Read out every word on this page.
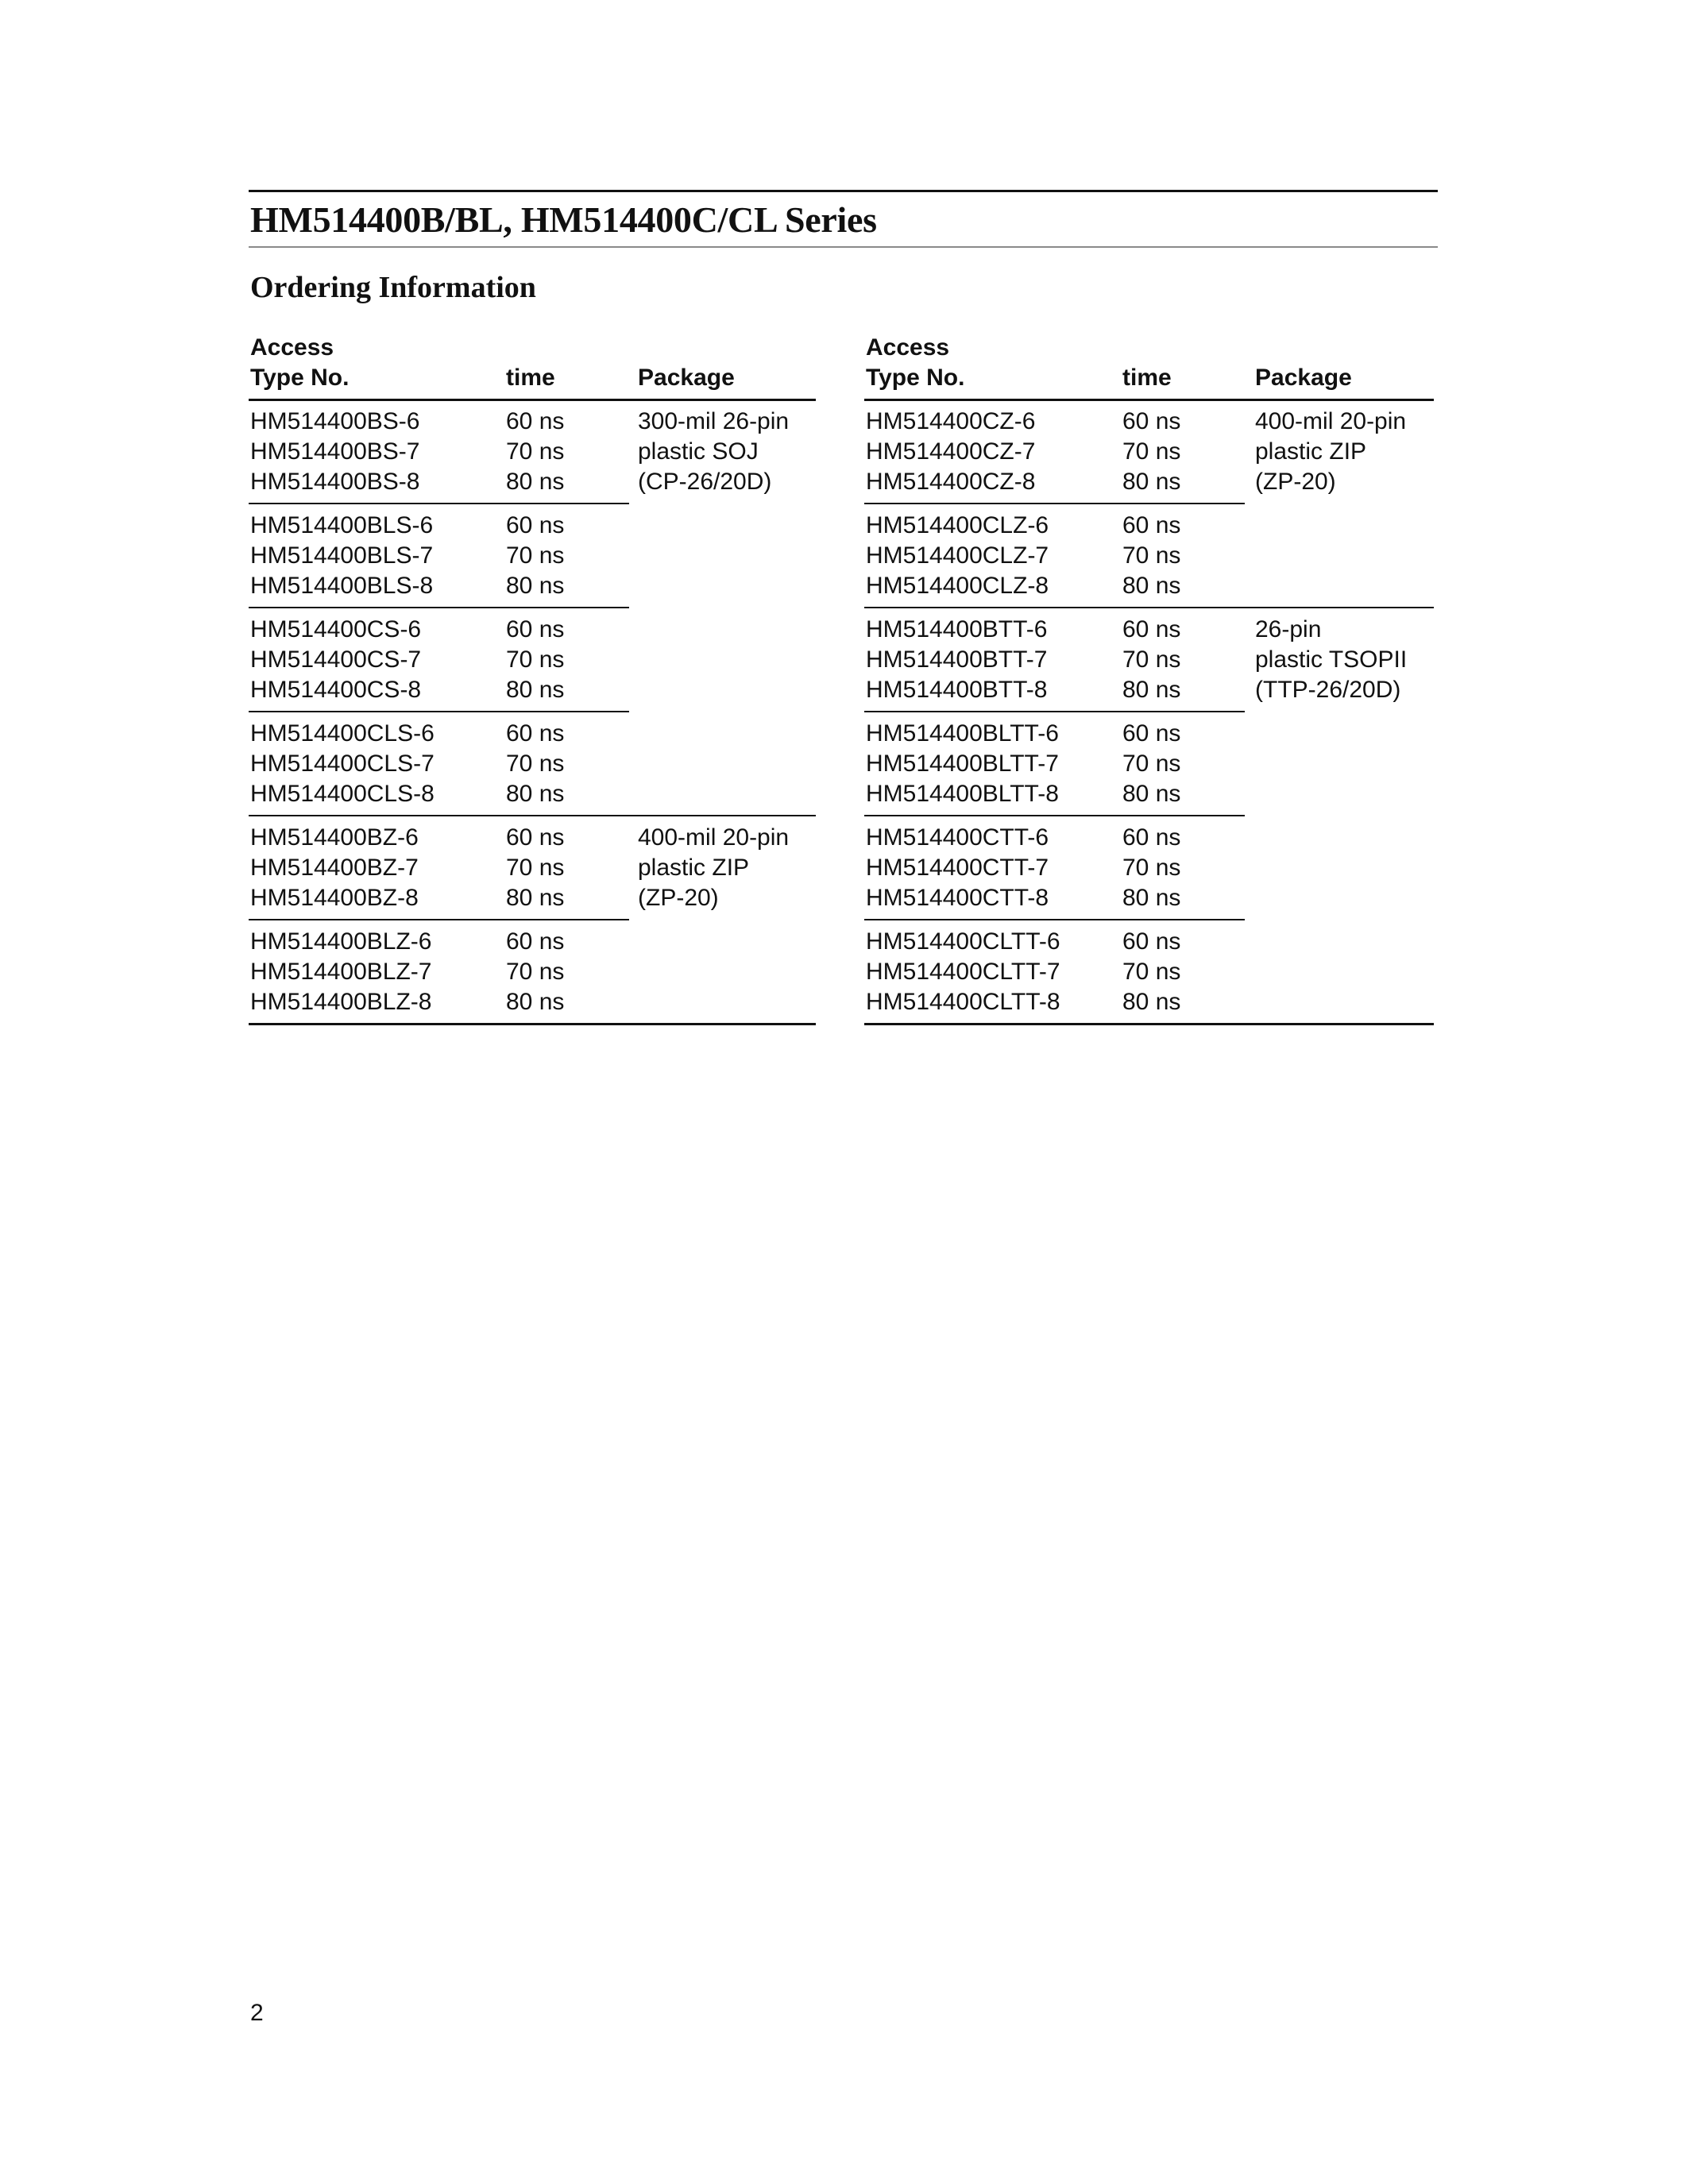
HM514400B/BL, HM514400C/CL Series
Ordering Information
Access
Type No.	time	Package
HM514400BS-6	60 ns	300-mil 26-pin
HM514400BS-7	70 ns	plastic SOJ
HM514400BS-8	80 ns	(CP-26/20D)
HM514400BLS-6	60 ns
HM514400BLS-7	70 ns
HM514400BLS-8	80 ns
HM514400CS-6	60 ns
HM514400CS-7	70 ns
HM514400CS-8	80 ns
HM514400CLS-6	60 ns
HM514400CLS-7	70 ns
HM514400CLS-8	80 ns
HM514400BZ-6	60 ns	400-mil 20-pin
HM514400BZ-7	70 ns	plastic ZIP
HM514400BZ-8	80 ns	(ZP-20)
HM514400BLZ-6	60 ns
HM514400BLZ-7	70 ns
HM514400BLZ-8	80 ns
Access
Type No.	time	Package
HM514400CZ-6	60 ns	400-mil 20-pin
HM514400CZ-7	70 ns	plastic ZIP
HM514400CZ-8	80 ns	(ZP-20)
HM514400CLZ-6	60 ns
HM514400CLZ-7	70 ns
HM514400CLZ-8	80 ns
HM514400BTT-6	60 ns	26-pin
HM514400BTT-7	70 ns	plastic TSOPII
HM514400BTT-8	80 ns	(TTP-26/20D)
HM514400BLTT-6	60 ns
HM514400BLTT-7	70 ns
HM514400BLTT-8	80 ns
HM514400CTT-6	60 ns
HM514400CTT-7	70 ns
HM514400CTT-8	80 ns
HM514400CLTT-6	60 ns
HM514400CLTT-7	70 ns
HM514400CLTT-8	80 ns
2
